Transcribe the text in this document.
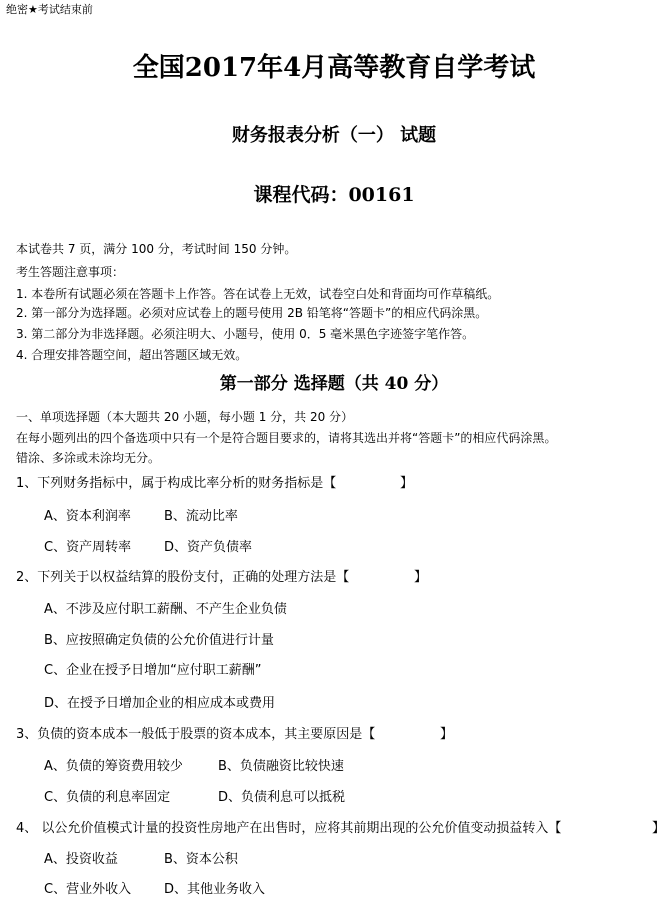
绝密★考试结束前
全国2017年4月高等教育自学考试
财务报表分析（一） 试题
课程代码：00161
本试卷共 7 页，满分 100 分，考试时间 150 分钟。
考生答题注意事项：
1. 本卷所有试题必须在答题卡上作答。答在试卷上无效，试卷空白处和背面均可作草稿纸。
2. 第一部分为选择题。必须对应试卷上的题号使用 2B 铅笔将“答题卡”的相应代码涂黑。
3. 第二部分为非选择题。必须注明大、小题号，使用 0．5 毫米黑色字迹签字笔作答。
4. 合理安排答题空间，超出答题区域无效。
第一部分 选择题（共 40 分）
一、单项选择题（本大题共 20 小题，每小题 1 分，共 20 分）
在每小题列出的四个备选项中只有一个是符合题目要求的，请将其选出并将“答题卡”的相应代码涂黑。
错涂、多涂或未涂均无分。
1、下列财务指标中，属于构成比率分析的财务指标是【	】
A、资本利润率	B、流动比率
C、资产周转率	D、资产负债率
2、下列关于以权益结算的股份支付，正确的处理方法是【	】
A、不涉及应付职工薪酬、不产生企业负债
B、应按照确定负债的公允价值进行计量
C、企业在授予日增加“应付职工薪酬”
D、在授予日增加企业的相应成本或费用
3、负债的资本成本一般低于股票的资本成本，其主要原因是【	】
A、负债的筹资费用较少	B、负债融资比较快速
C、负债的利息率固定	D、负债利息可以抵税
4、 以公允价值模式计量的投资性房地产在出售时，应将其前期出现的公允价值变动损益转入【	】
A、投资收益	B、资本公积
C、营业外收入	D、其他业务收入
